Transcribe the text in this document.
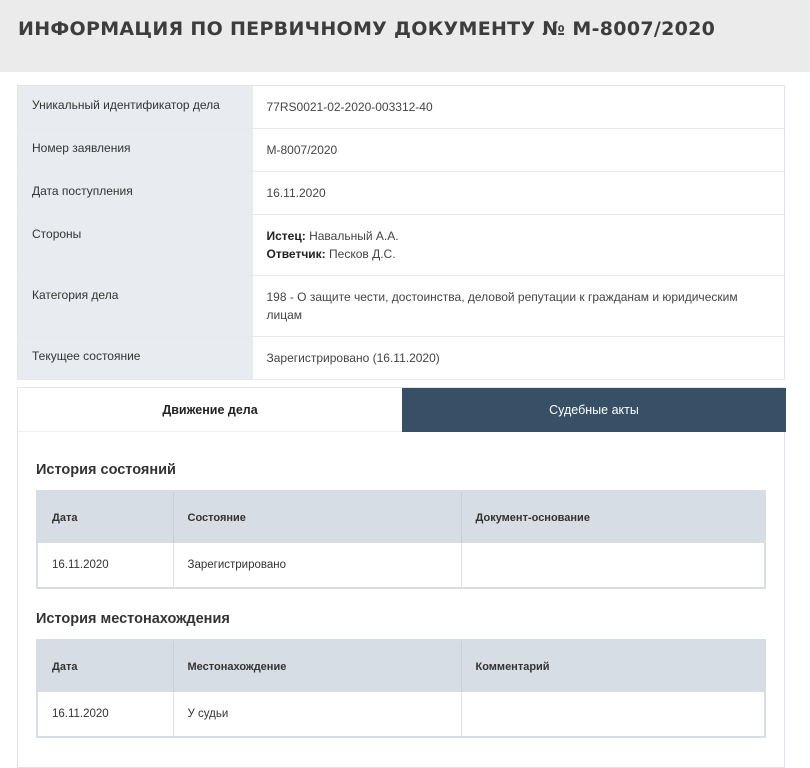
ИНФОРМАЦИЯ ПО ПЕРВИЧНОМУ ДОКУМЕНТУ № М-8007/2020
Уникальный идентификатор дела	77RS0021-02-2020-003312-40
Номер заявления	М-8007/2020
Дата поступления	16.11.2020
Стороны	Истец: Навальный А.А.
Ответчик: Песков Д.С.

Категория дела	198 - О защите чести, достоинства, деловой репутации к гражданам и юридическим лицам
Текущее состояние	Зарегистрировано (16.11.2020)
Движение дела	Судебные акты
История состояний
Дата	Состояние	Документ-основание
16.11.2020	Зарегистрировано	
История местонахождения
Дата	Местонахождение	Комментарий
16.11.2020	У судьи	
